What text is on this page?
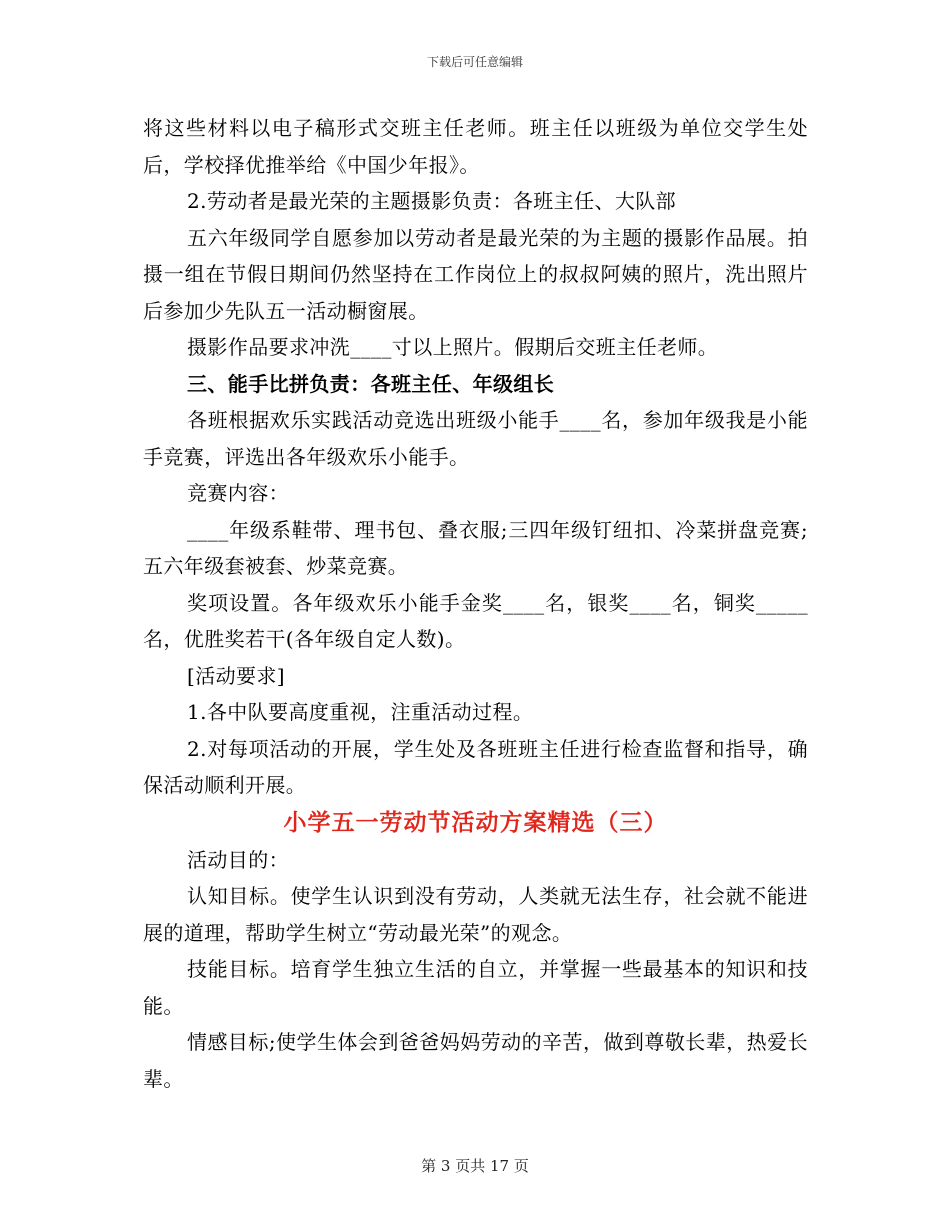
下载后可任意编辑

将这些材料以电子稿形式交班主任老师。班主任以班级为单位交学生处后，学校择优推举给《中国少年报》。

2.劳动者是最光荣的主题摄影负责：各班主任、大队部

五六年级同学自愿参加以劳动者是最光荣的为主题的摄影作品展。拍摄一组在节假日期间仍然坚持在工作岗位上的叔叔阿姨的照片，洗出照片后参加少先队五一活动橱窗展。

摄影作品要求冲洗____寸以上照片。假期后交班主任老师。

三、能手比拼负责：各班主任、年级组长

各班根据欢乐实践活动竞选出班级小能手____名，参加年级我是小能手竞赛，评选出各年级欢乐小能手。

竞赛内容：

____年级系鞋带、理书包、叠衣服;三四年级钉纽扣、冷菜拼盘竞赛;五六年级套被套、炒菜竞赛。

奖项设置。各年级欢乐小能手金奖____名，银奖____名，铜奖_____名，优胜奖若干(各年级自定人数)。

[活动要求]

1.各中队要高度重视，注重活动过程。

2.对每项活动的开展，学生处及各班班主任进行检查监督和指导，确保活动顺利开展。

小学五一劳动节活动方案精选（三）

活动目的：

认知目标。使学生认识到没有劳动，人类就无法生存，社会就不能进展的道理，帮助学生树立“劳动最光荣”的观念。

技能目标。培育学生独立生活的自立，并掌握一些最基本的知识和技能。

情感目标;使学生体会到爸爸妈妈劳动的辛苦，做到尊敬长辈，热爱长辈。

第 3 页共 17 页
